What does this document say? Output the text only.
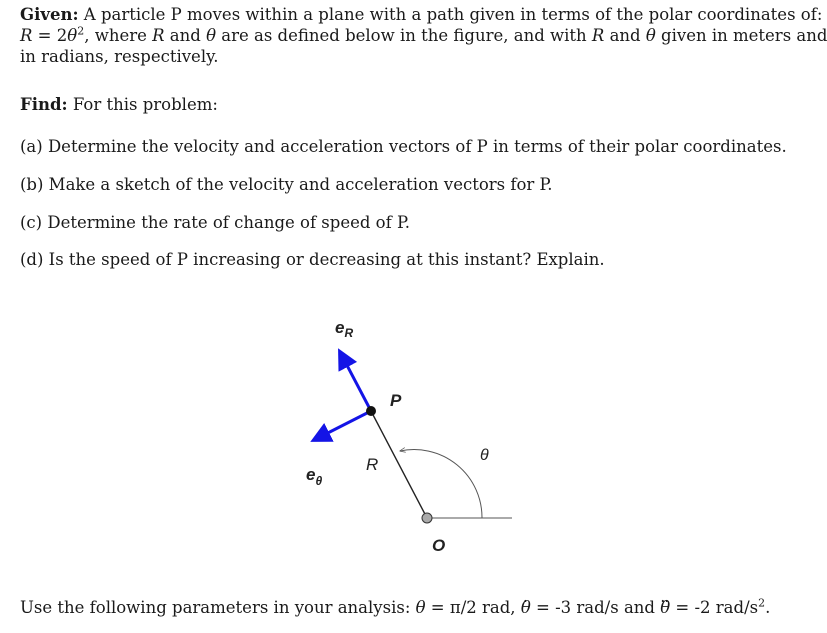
Given: A particle P moves within a plane with a path given in terms of the polar coordinates of:
$R = 2\theta^2$, where R and θ are as defined below in the figure, and with R and θ given in meters and
in radians, respectively.
Find: For this problem:
(a) Determine the velocity and acceleration vectors of P in terms of their polar coordinates.
(b) Make a sketch of the velocity and acceleration vectors for P.
(c) Determine the rate of change of speed of P.
(d) Is the speed of P increasing or decreasing at this instant? Explain.
$e_R$
$e_\theta$
P
R	θ
O
Use the following parameters in your analysis: θ = π/2 rad, . θ = -3 rad/s and .. θ = -2 rad/$s^2$.
